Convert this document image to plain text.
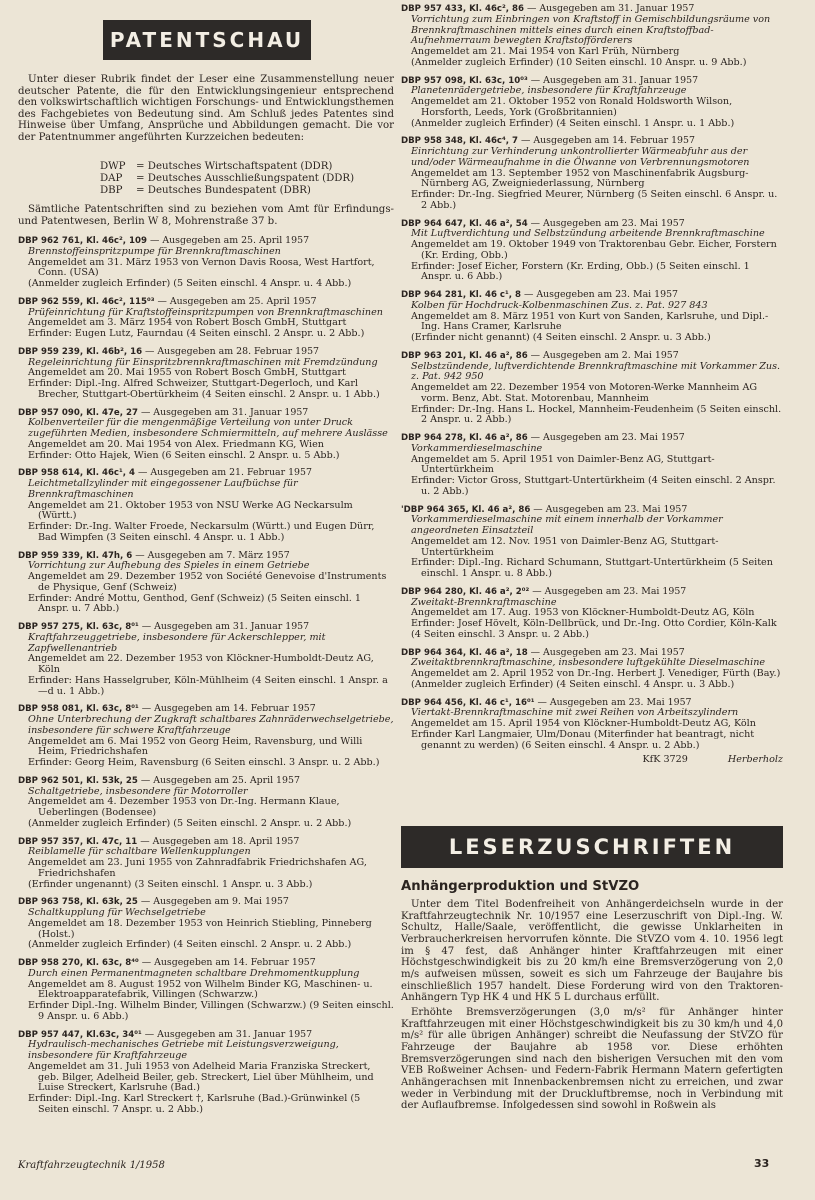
PATENTSCHAU

Unter dieser Rubrik findet der Leser eine Zusammenstellung neuer deutscher Patente, die für den Entwicklungsingenieur entsprechend den volkswirtschaftlich wichtigen Forschungs- und Entwicklungsthemen des Fachgebietes von Bedeutung sind. Am Schluß jedes Patentes sind Hinweise über Umfang, Ansprüche und Abbildungen gemacht. Die vor der Patentnummer angeführten Kurzzeichen bedeuten:

DWP = Deutsches Wirtschaftspatent (DDR)
DAP = Deutsches Ausschließungspatent (DDR)
DBP = Deutsches Bundespatent (DBR)

Sämtliche Patentschriften sind zu beziehen vom Amt für Erfindungs- und Patentwesen, Berlin W 8, Mohrenstraße 37 b.

DBP 962 761, Kl. 46c², 109 — Ausgegeben am 25. April 1957
Brennstoffeinspritzpumpe für Brennkraftmaschinen
Angemeldet am 31. März 1953 von Vernon Davis Roosa, West Hartfort, Conn. (USA)
(Anmelder zugleich Erfinder) (5 Seiten einschl. 4 Anspr. u. 4 Abb.)
DBP 962 559, Kl. 46c², 115⁰³ — Ausgegeben am 25. April 1957
Prüfeinrichtung für Kraftstoffeinspritzpumpen von Brennkraftmaschinen
Angemeldet am 3. März 1954 von Robert Bosch GmbH, Stuttgart
Erfinder: Eugen Lutz, Faurndau (4 Seiten einschl. 2 Anspr. u. 2 Abb.)
DBP 959 239, Kl. 46b², 16 — Ausgegeben am 28. Februar 1957
Regeleinrichtung für Einspritzbrennkraftmaschinen mit Fremdzündung
Angemeldet am 20. Mai 1955 von Robert Bosch GmbH, Stuttgart
Erfinder: Dipl.-Ing. Alfred Schweizer, Stuttgart-Degerloch, und Karl Brecher, Stuttgart-Obertürkheim (4 Seiten einschl. 2 Anspr. u. 1 Abb.)
DBP 957 090, Kl. 47e, 27 — Ausgegeben am 31. Januar 1957
Kolbenverteiler für die mengenmäßige Verteilung von unter Druck zugeführten Medien, insbesondere Schmiermitteln, auf mehrere Auslässe
Angemeldet am 20. Mai 1954 von Alex. Friedmann KG, Wien
Erfinder: Otto Hajek, Wien (6 Seiten einschl. 2 Anspr. u. 5 Abb.)
DBP 958 614, Kl. 46c¹, 4 — Ausgegeben am 21. Februar 1957
Leichtmetallzylinder mit eingegossener Laufbüchse für Brennkraftmaschinen
Angemeldet am 21. Oktober 1953 von NSU Werke AG Neckarsulm (Württ.)
Erfinder: Dr.-Ing. Walter Froede, Neckarsulm (Württ.) und Eugen Dürr, Bad Wimpfen (3 Seiten einschl. 4 Anspr. u. 1 Abb.)
DBP 959 339, Kl. 47h, 6 — Ausgegeben am 7. März 1957
Vorrichtung zur Aufhebung des Spieles in einem Getriebe
Angemeldet am 29. Dezember 1952 von Société Genevoise d'Instruments de Physique, Genf (Schweiz)
Erfinder: André Mottu, Genthod, Genf (Schweiz) (5 Seiten einschl. 1 Anspr. u. 7 Abb.)
DBP 957 275, Kl. 63c, 8⁰¹ — Ausgegeben am 31. Januar 1957
Kraftfahrzeuggetriebe, insbesondere für Ackerschlepper, mit Zapfwellenantrieb
Angemeldet am 22. Dezember 1953 von Klöckner-Humboldt-Deutz AG, Köln
Erfinder: Hans Hasselgruber, Köln-Mühlheim (4 Seiten einschl. 1 Anspr. a—d u. 1 Abb.)
DBP 958 081, Kl. 63c, 8⁰¹ — Ausgegeben am 14. Februar 1957
Ohne Unterbrechung der Zugkraft schaltbares Zahnräderwechselgetriebe, insbesondere für schwere Kraftfahrzeuge
Angemeldet am 6. Mai 1952 von Georg Heim, Ravensburg, und Willi Heim, Friedrichshafen
Erfinder: Georg Heim, Ravensburg (6 Seiten einschl. 3 Anspr. u. 2 Abb.)
DBP 962 501, Kl. 53k, 25 — Ausgegeben am 25. April 1957
Schaltgetriebe, insbesondere für Motorroller
Angemeldet am 4. Dezember 1953 von Dr.-Ing. Hermann Klaue, Ueberlingen (Bodensee)
(Anmelder zugleich Erfinder) (5 Seiten einschl. 2 Anspr. u. 2 Abb.)
DBP 957 357, Kl. 47c, 11 — Ausgegeben am 18. April 1957
Reiblamelle für schaltbare Wellenkupplungen
Angemeldet am 23. Juni 1955 von Zahnradfabrik Friedrichshafen AG, Friedrichshafen
(Erfinder ungenannt) (3 Seiten einschl. 1 Anspr. u. 3 Abb.)
DBP 963 758, Kl. 63k, 25 — Ausgegeben am 9. Mai 1957
Schaltkupplung für Wechselgetriebe
Angemeldet am 18. Dezember 1953 von Heinrich Stiebling, Pinneberg (Holst.)
(Anmelder zugleich Erfinder) (4 Seiten einschl. 2 Anspr. u. 2 Abb.)
DBP 958 270, Kl. 63c, 8⁴⁰ — Ausgegeben am 14. Februar 1957
Durch einen Permanentmagneten schaltbare Drehmomentkupplung
Angemeldet am 8. August 1952 von Wilhelm Binder KG, Maschinen- u. Elektroapparatefabrik, Villingen (Schwarzw.)
Erfinder Dipl.-Ing. Wilhelm Binder, Villingen (Schwarzw.) (9 Seiten einschl. 9 Anspr. u. 6 Abb.)
DBP 957 447, Kl.63c, 34⁰¹ — Ausgegeben am 31. Januar 1957
Hydraulisch-mechanisches Getriebe mit Leistungsverzweigung, insbesondere für Kraftfahrzeuge
Angemeldet am 31. Juli 1953 von Adelheid Maria Franziska Streckert, geb. Bilger, Adelheid Beiler, geb. Streckert, Liel über Mühlheim, und Luise Streckert, Karlsruhe (Bad.)
Erfinder: Dipl.-Ing. Karl Streckert †, Karlsruhe (Bad.)-Grünwinkel (5 Seiten einschl. 7 Anspr. u. 2 Abb.)
DBP 957 433, Kl. 46c², 86 — Ausgegeben am 31. Januar 1957
Vorrichtung zum Einbringen von Kraftstoff in Gemischbildungsräume von Brennkraftmaschinen mittels eines durch einen Kraftstoffbad-Aufnehmerraum bewegten Kraftstofförderers
Angemeldet am 21. Mai 1954 von Karl Früh, Nürnberg
(Anmelder zugleich Erfinder) (10 Seiten einschl. 10 Anspr. u. 9 Abb.)
DBP 957 098, Kl. 63c, 10⁰³ — Ausgegeben am 31. Januar 1957
Planetenrädergetriebe, insbesondere für Kraftfahrzeuge
Angemeldet am 21. Oktober 1952 von Ronald Holdsworth Wilson, Horsforth, Leeds, York (Großbritannien)
(Anmelder zugleich Erfinder) (4 Seiten einschl. 1 Anspr. u. 1 Abb.)
DBP 958 348, Kl. 46c⁴, 7 — Ausgegeben am 14. Februar 1957
Einrichtung zur Verhinderung unkontrollierter Wärmeabfuhr aus der und/oder Wärmeaufnahme in die Ölwanne von Verbrennungsmotoren
Angemeldet am 13. September 1952 von Maschinenfabrik Augsburg-Nürnberg AG, Zweigniederlassung, Nürnberg
Erfinder: Dr.-Ing. Siegfried Meurer, Nürnberg (5 Seiten einschl. 6 Anspr. u. 2 Abb.)
DBP 964 647, Kl. 46 a², 54 — Ausgegeben am 23. Mai 1957
Mit Luftverdichtung und Selbstzündung arbeitende Brennkraftmaschine
Angemeldet am 19. Oktober 1949 von Traktorenbau Gebr. Eicher, Forstern (Kr. Erding, Obb.)
Erfinder: Josef Eicher, Forstern (Kr. Erding, Obb.) (5 Seiten einschl. 1 Anspr. u. 6 Abb.)
DBP 964 281, Kl. 46 c¹, 8 — Ausgegeben am 23. Mai 1957
Kolben für Hochdruck-Kolbenmaschinen Zus. z. Pat. 927 843
Angemeldet am 8. März 1951 von Kurt von Sanden, Karlsruhe, und Dipl.-Ing. Hans Cramer, Karlsruhe
(Erfinder nicht genannt) (4 Seiten einschl. 2 Anspr. u. 3 Abb.)
DBP 963 201, Kl. 46 a², 86 — Ausgegeben am 2. Mai 1957
Selbstzündende, luftverdichtende Brennkraftmaschine mit Vorkammer Zus. z. Pat. 942 950
Angemeldet am 22. Dezember 1954 von Motoren-Werke Mannheim AG vorm. Benz, Abt. Stat. Motorenbau, Mannheim
Erfinder: Dr.-Ing. Hans L. Hockel, Mannheim-Feudenheim (5 Seiten einschl. 2 Anspr. u. 2 Abb.)
DBP 964 278, Kl. 46 a², 86 — Ausgegeben am 23. Mai 1957
Vorkammerdieselmaschine
Angemeldet am 5. April 1951 von Daimler-Benz AG, Stuttgart-Untertürkheim
Erfinder: Victor Gross, Stuttgart-Untertürkheim (4 Seiten einschl. 2 Anspr. u. 2 Abb.)
'DBP 964 365, Kl. 46 a², 86 — Ausgegeben am 23. Mai 1957
Vorkammerdieselmaschine mit einem innerhalb der Vorkammer angeordneten Einsatzteil
Angemeldet am 12. Nov. 1951 von Daimler-Benz AG, Stuttgart-Untertürkheim
Erfinder: Dipl.-Ing. Richard Schumann, Stuttgart-Untertürkheim (5 Seiten einschl. 1 Anspr. u. 8 Abb.)
DBP 964 280, Kl. 46 a², 2⁰² — Ausgegeben am 23. Mai 1957
Zweitakt-Brennkraftmaschine
Angemeldet am 17. Aug. 1953 von Klöckner-Humboldt-Deutz AG, Köln
Erfinder: Josef Hövelt, Köln-Dellbrück, und Dr.-Ing. Otto Cordier, Köln-Kalk
(4 Seiten einschl. 3 Anspr. u. 2 Abb.)
DBP 964 364, Kl. 46 a², 18 — Ausgegeben am 23. Mai 1957
Zweitaktbrennkraftmaschine, insbesondere luftgekühlte Dieselmaschine
Angemeldet am 2. April 1952 von Dr.-Ing. Herbert J. Venediger, Fürth (Bay.)
(Anmelder zugleich Erfinder) (4 Seiten einschl. 4 Anspr. u. 3 Abb.)
DBP 964 456, Kl. 46 c¹, 16⁰¹ — Ausgegeben am 23. Mai 1957
Viertakt-Brennkraftmaschine mit zwei Reihen von Arbeitszylindern
Angemeldet am 15. April 1954 von Klöckner-Humboldt-Deutz AG, Köln
Erfinder Karl Langmaier, Ulm/Donau (Miterfinder hat beantragt, nicht genannt zu werden) (6 Seiten einschl. 4 Anspr. u. 2 Abb.)
KfK 3729	Herberholz
LESERZUSCHRIFTEN
Anhängerproduktion und StVZO

Unter dem Titel Bodenfreiheit von Anhängerdeichseln wurde in der Kraftfahrzeugtechnik Nr. 10/1957 eine Leserzuschrift von Dipl.-Ing. W. Schultz, Halle/Saale, veröffentlicht, die gewisse Unklarheiten in Verbraucherkreisen hervorrufen könnte. Die StVZO vom 4. 10. 1956 legt im § 47 fest, daß Anhänger hinter Kraftfahrzeugen mit einer Höchstgeschwindigkeit bis zu 20 km/h eine Bremsverzögerung von 2,0 m/s aufweisen müssen, soweit es sich um Fahrzeuge der Baujahre bis einschließlich 1957 handelt. Diese Forderung wird von den Traktoren-Anhängern Typ HK 4 und HK 5 L durchaus erfüllt.

Erhöhte Bremsverzögerungen (3,0 m/s² für Anhänger hinter Kraftfahrzeugen mit einer Höchstgeschwindigkeit bis zu 30 km/h und 4,0 m/s² für alle übrigen Anhänger) schreibt die Neufassung der StVZO für Fahrzeuge der Baujahre ab 1958 vor. Diese erhöhten Bremsverzögerungen sind nach den bisherigen Versuchen mit den vom VEB Roßweiner Achsen- und Federn-Fabrik Hermann Matern gefertigten Anhängerachsen mit Innenbackenbremsen nicht zu erreichen, und zwar weder in Verbindung mit der Druckluftbremse, noch in Verbindung mit der Auflaufbremse. Infolgedessen sind sowohl in Roßwein als

Kraftfahrzeugtechnik 1/1958	33
